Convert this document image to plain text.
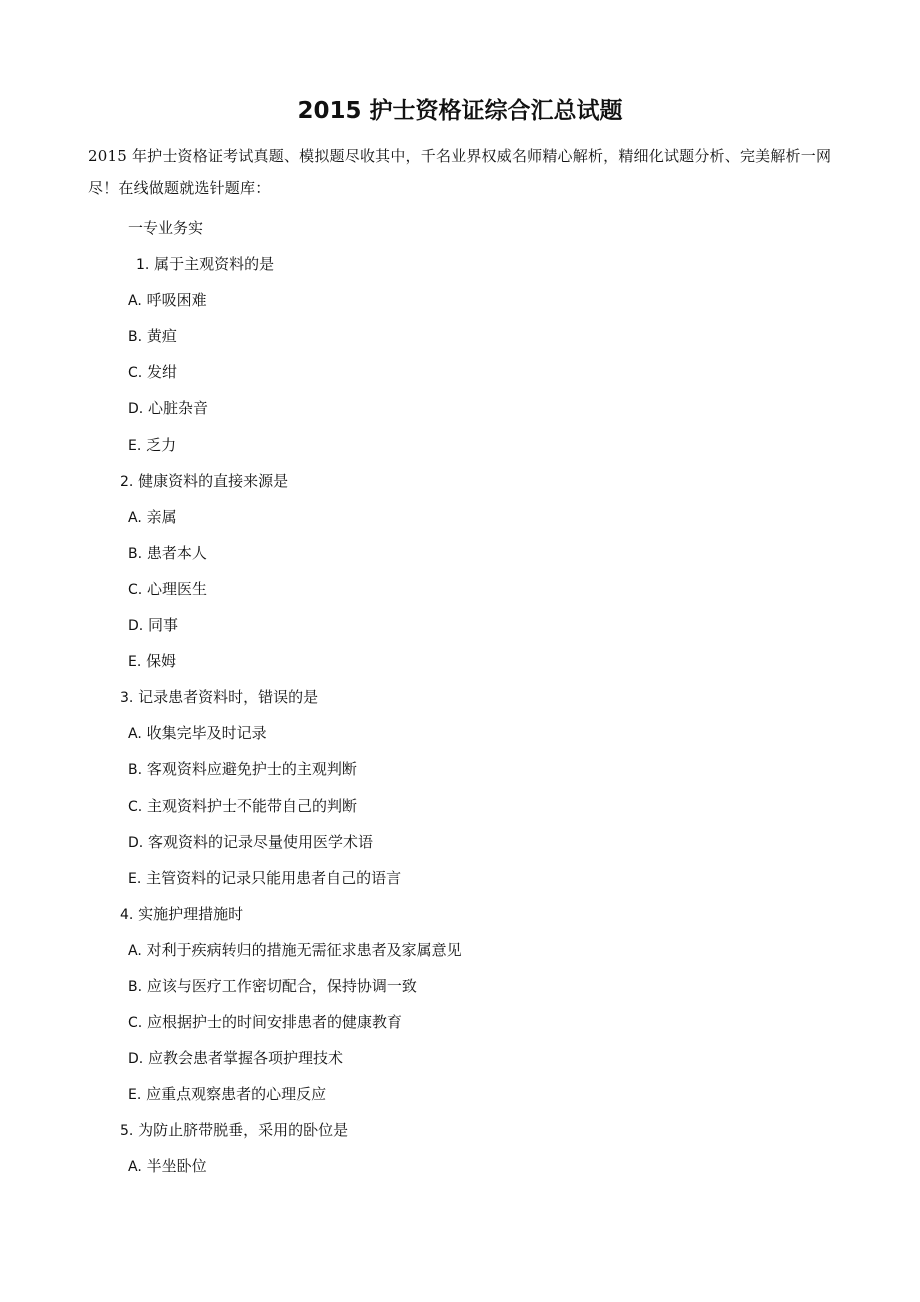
2015 护士资格证综合汇总试题

2015 年护士资格证考试真题、模拟题尽收其中，千名业界权威名师精心解析，精细化试题分析、完美解析一网尽！在线做题就选针题库：

一专业务实
1. 属于主观资料的是
A. 呼吸困难
B. 黄疸
C. 发绀
D. 心脏杂音
E. 乏力
2. 健康资料的直接来源是
A. 亲属
B. 患者本人
C. 心理医生
D. 同事
E. 保姆
3. 记录患者资料时，错误的是
A. 收集完毕及时记录
B. 客观资料应避免护士的主观判断
C. 主观资料护士不能带自己的判断
D. 客观资料的记录尽量使用医学术语
E. 主管资料的记录只能用患者自己的语言
4. 实施护理措施时
A. 对利于疾病转归的措施无需征求患者及家属意见
B. 应该与医疗工作密切配合，保持协调一致
C. 应根据护士的时间安排患者的健康教育
D. 应教会患者掌握各项护理技术
E. 应重点观察患者的心理反应
5. 为防止脐带脱垂，采用的卧位是
A. 半坐卧位
